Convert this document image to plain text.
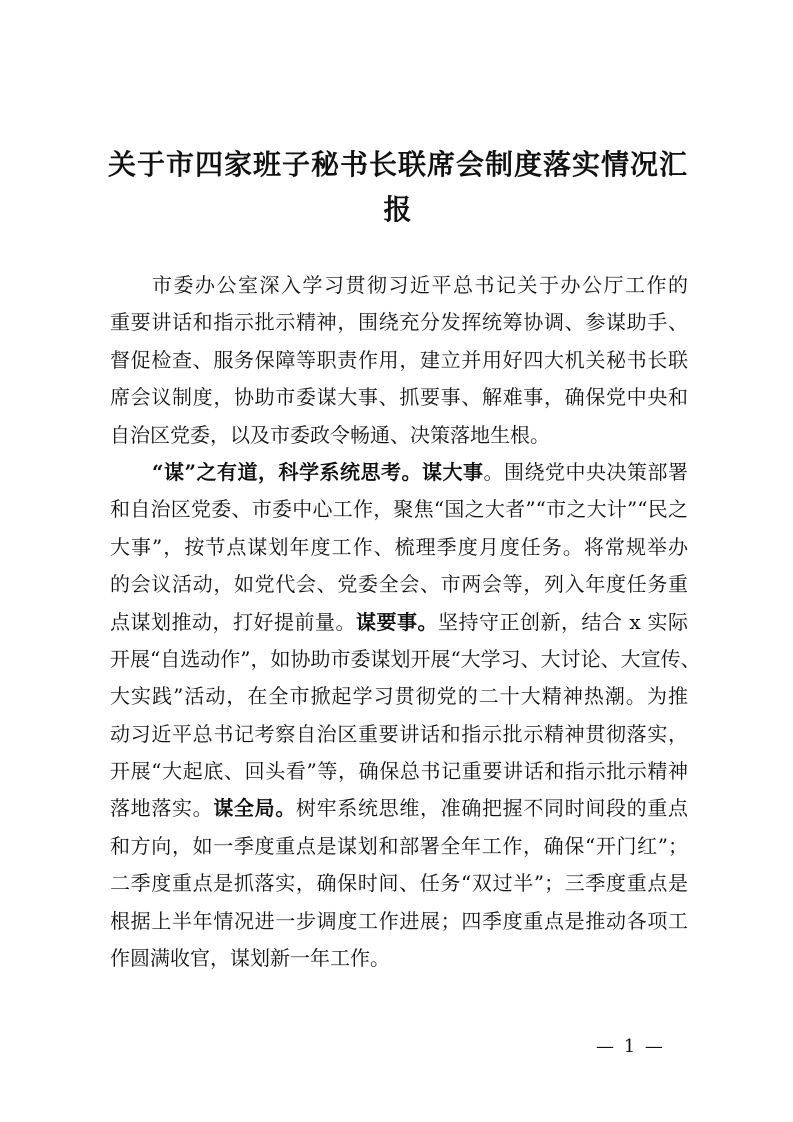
关于市四家班子秘书长联席会制度落实情况汇
报
市委办公室深入学习贯彻习近平总书记关于办公厅工作的
重要讲话和指示批示精神，围绕充分发挥统筹协调、参谋助手、
督促检查、服务保障等职责作用，建立并用好四大机关秘书长联
席会议制度，协助市委谋大事、抓要事、解难事，确保党中央和
自治区党委，以及市委政令畅通、决策落地生根。
“谋”之有道，科学系统思考。谋大事。围绕党中央决策部署
和自治区党委、市委中心工作，聚焦“国之大者”“市之大计”“民之
大事”，按节点谋划年度工作、梳理季度月度任务。将常规举办
的会议活动，如党代会、党委全会、市两会等，列入年度任务重
点谋划推动，打好提前量。谋要事。坚持守正创新，结合 x 实际
开展“自选动作”，如协助市委谋划开展“大学习、大讨论、大宣传、
大实践”活动，在全市掀起学习贯彻党的二十大精神热潮。为推
动习近平总书记考察自治区重要讲话和指示批示精神贯彻落实，
开展“大起底、回头看”等，确保总书记重要讲话和指示批示精神
落地落实。谋全局。树牢系统思维，准确把握不同时间段的重点
和方向，如一季度重点是谋划和部署全年工作，确保“开门红”；
二季度重点是抓落实，确保时间、任务“双过半”；三季度重点是
根据上半年情况进一步调度工作进展；四季度重点是推动各项工
作圆满收官，谋划新一年工作。
— 1 —
